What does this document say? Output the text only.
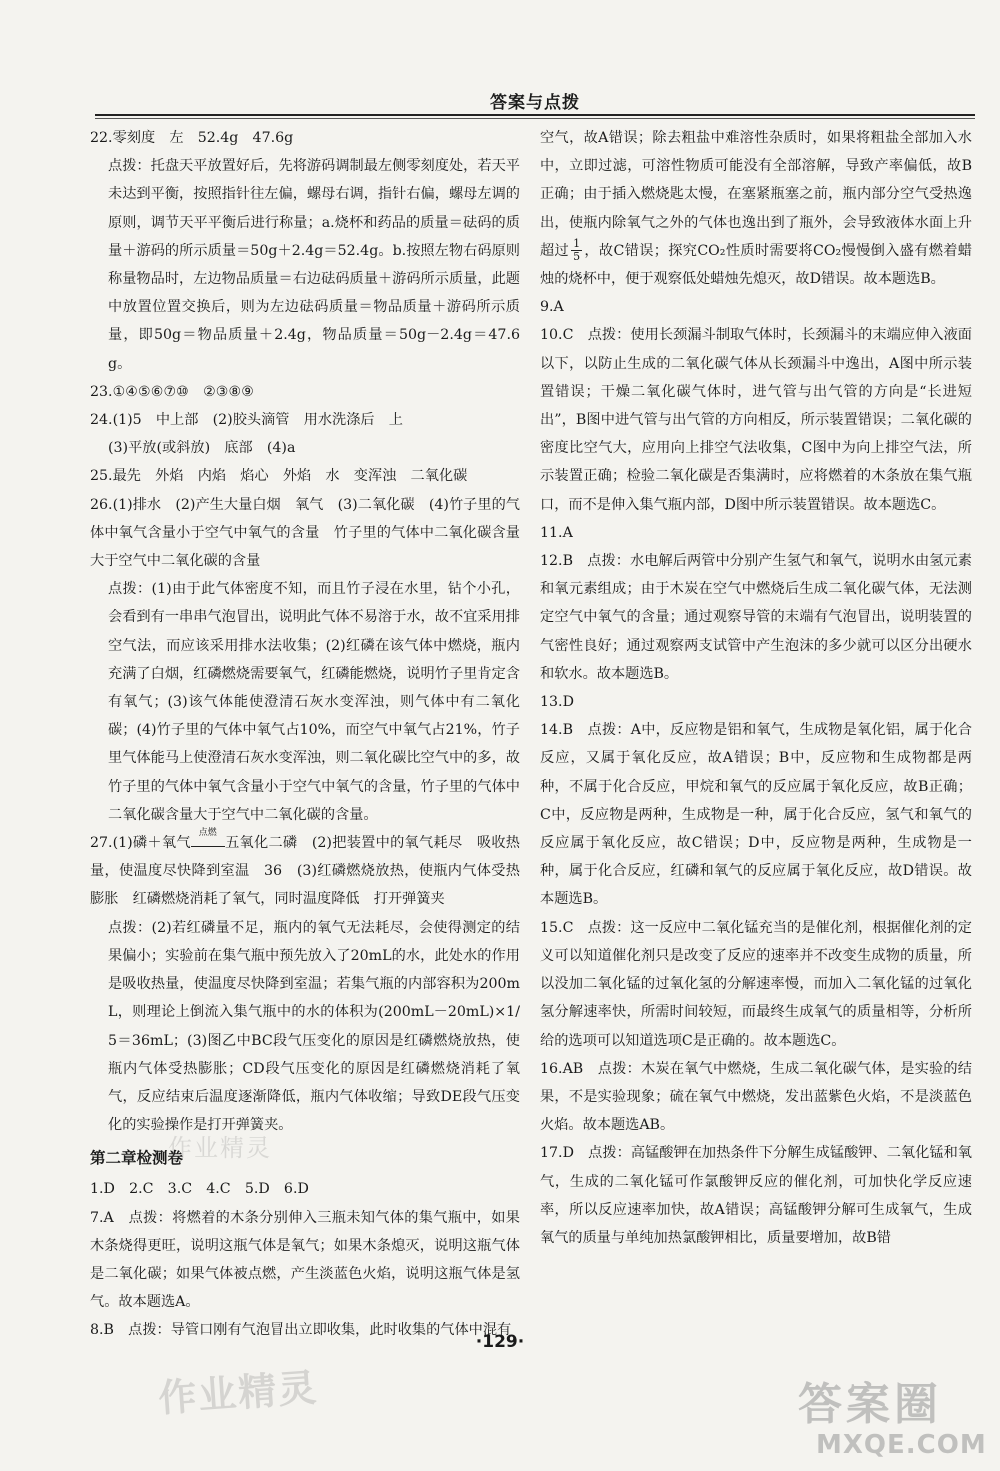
答案与点拨

22.零刻度　左　52.4g　47.6g

点拨：托盘天平放置好后，先将游码调制最左侧零刻度处，若天平未达到平衡，按照指针往左偏，螺母右调，指针右偏，螺母左调的原则，调节天平平衡后进行称量；a.烧杯和药品的质量＝砝码的质量＋游码的所示质量＝50g＋2.4g＝52.4g。b.按照左物右码原则称量物品时，左边物品质量＝右边砝码质量＋游码所示质量，此题中放置位置交换后，则为左边砝码质量＝物品质量＋游码所示质量，即50g＝物品质量＋2.4g，物品质量＝50g－2.4g＝47.6g。

23.①④⑤⑥⑦⑩　②③⑧⑨

24.(1)5　中上部　(2)胶头滴管　用水洗涤后　上

(3)平放(或斜放)　底部　(4)a

25.最先　外焰　内焰　焰心　外焰　水　变浑浊　二氧化碳

26.(1)排水　(2)产生大量白烟　氧气　(3)二氧化碳　(4)竹子里的气体中氧气含量小于空气中氧气的含量　竹子里的气体中二氧化碳含量大于空气中二氧化碳的含量

点拨：(1)由于此气体密度不知，而且竹子浸在水里，钻个小孔，会看到有一串串气泡冒出，说明此气体不易溶于水，故不宜采用排空气法，而应该采用排水法收集；(2)红磷在该气体中燃烧，瓶内充满了白烟，红磷燃烧需要氧气，红磷能燃烧，说明竹子里肯定含有氧气；(3)该气体能使澄清石灰水变浑浊，则气体中有二氧化碳；(4)竹子里的气体中氧气占10%，而空气中氧气占21%，竹子里气体能马上使澄清石灰水变浑浊，则二氧化碳比空气中的多，故竹子里的气体中氧气含量小于空气中氧气的含量，竹子里的气体中二氧化碳含量大于空气中二氧化碳的含量。

27.(1)磷＋氧气
点燃
五氧化二磷　(2)把装置中的氧气耗尽　吸收热量，使温度尽快降到室温　36　(3)红磷燃烧放热，使瓶内气体受热膨胀　红磷燃烧消耗了氧气，同时温度降低　打开弹簧夹

点拨：(2)若红磷量不足，瓶内的氧气无法耗尽，会使得测定的结果偏小；实验前在集气瓶中预先放入了20mL的水，此处水的作用是吸收热量，使温度尽快降到室温；若集气瓶的内部容积为200mL，则理论上倒流入集气瓶中的水的体积为(200mL－20mL)×1/5＝36mL；(3)图乙中BC段气压变化的原因是红磷燃烧放热，使瓶内气体受热膨胀；CD段气压变化的原因是红磷燃烧消耗了氧气，反应结束后温度逐渐降低，瓶内气体收缩；导致DE段气压变化的实验操作是打开弹簧夹。

第二章检测卷

1.D　2.C　3.C　4.C　5.D　6.D

7.A　点拨：将燃着的木条分别伸入三瓶未知气体的集气瓶中，如果木条烧得更旺，说明这瓶气体是氧气；如果木条熄灭，说明这瓶气体是二氧化碳；如果气体被点燃，产生淡蓝色火焰，说明这瓶气体是氢气。故本题选A。

8.B　点拨：导管口刚有气泡冒出立即收集，此时收集的气体中混有

空气，故A错误；除去粗盐中难溶性杂质时，如果将粗盐全部加入水中，立即过滤，可溶性物质可能没有全部溶解，导致产率偏低，故B正确；由于插入燃烧匙太慢，在塞紧瓶塞之前，瓶内部分空气受热逸出，使瓶内除氧气之外的气体也逸出到了瓶外，会导致液体水面上升超过 $\frac{1}{5}$ ，故C错误；探究CO₂性质时需要将CO₂慢慢倒入盛有燃着蜡烛的烧杯中，便于观察低处蜡烛先熄灭，故D错误。故本题选B。

9.A

10.C　点拨：使用长颈漏斗制取气体时，长颈漏斗的末端应伸入液面以下，以防止生成的二氧化碳气体从长颈漏斗中逸出，A图中所示装置错误；干燥二氧化碳气体时，进气管与出气管的方向是“长进短出”，B图中进气管与出气管的方向相反，所示装置错误；二氧化碳的密度比空气大，应用向上排空气法收集，C图中为向上排空气法，所示装置正确；检验二氧化碳是否集满时，应将燃着的木条放在集气瓶口，而不是伸入集气瓶内部，D图中所示装置错误。故本题选C。

11.A

12.B　点拨：水电解后两管中分别产生氢气和氧气，说明水由氢元素和氧元素组成；由于木炭在空气中燃烧后生成二氧化碳气体，无法测定空气中氧气的含量；通过观察导管的末端有气泡冒出，说明装置的气密性良好；通过观察两支试管中产生泡沫的多少就可以区分出硬水和软水。故本题选B。

13.D

14.B　点拨：A中，反应物是铝和氧气，生成物是氧化铝，属于化合反应，又属于氧化反应，故A错误；B中，反应物和生成物都是两种，不属于化合反应，甲烷和氧气的反应属于氧化反应，故B正确；C中，反应物是两种，生成物是一种，属于化合反应，氢气和氧气的反应属于氧化反应，故C错误；D中，反应物是两种，生成物是一种，属于化合反应，红磷和氧气的反应属于氧化反应，故D错误。故本题选B。

15.C　点拨：这一反应中二氧化锰充当的是催化剂，根据催化剂的定义可以知道催化剂只是改变了反应的速率并不改变生成物的质量，所以没加二氧化锰的过氧化氢的分解速率慢，而加入二氧化锰的过氧化氢分解速率快，所需时间较短，而最终生成氧气的质量相等，分析所给的选项可以知道选项C是正确的。故本题选C。

16.AB　点拨：木炭在氧气中燃烧，生成二氧化碳气体，是实验的结果，不是实验现象；硫在氧气中燃烧，发出蓝紫色火焰，不是淡蓝色火焰。故本题选AB。

17.D　点拨：高锰酸钾在加热条件下分解生成锰酸钾、二氧化锰和氧气，生成的二氧化锰可作氯酸钾反应的催化剂，可加快化学反应速率，所以反应速率加快，故A错误；高锰酸钾分解可生成氧气，生成氧气的质量与单纯加热氯酸钾相比，质量要增加，故B错

作业精灵
·129·
作业精灵	答案圈
MXQE.COM
